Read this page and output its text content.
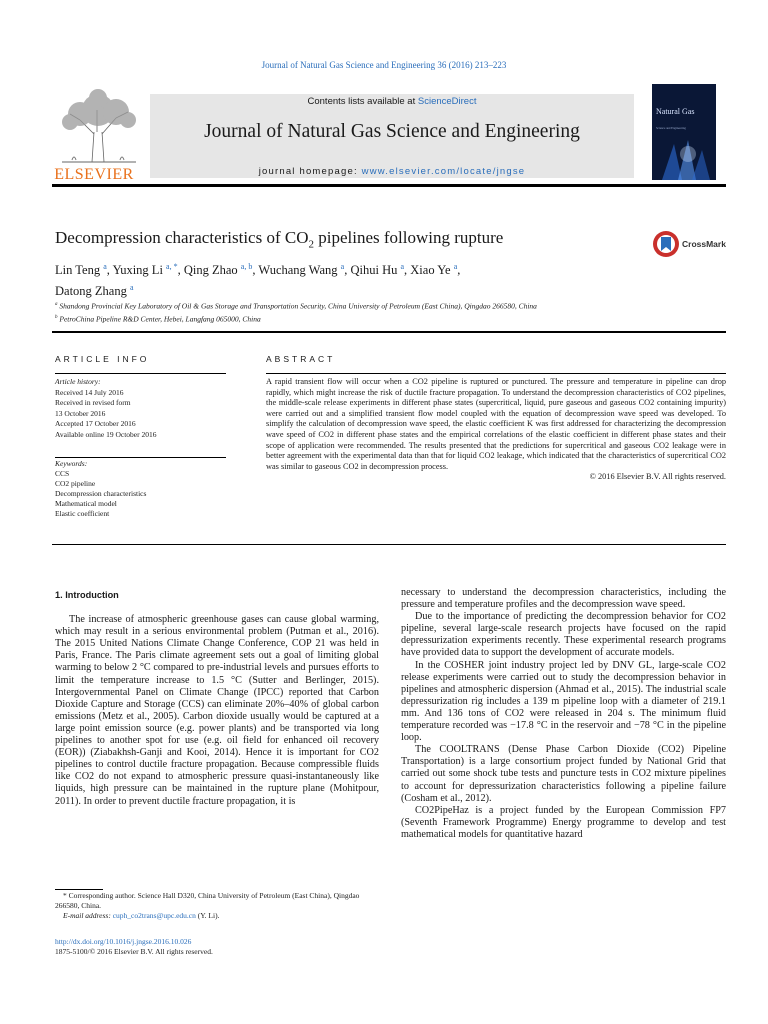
Journal of Natural Gas Science and Engineering 36 (2016) 213–223
ELSEVIER
Contents lists available at ScienceDirect
Journal of Natural Gas Science and Engineering
journal homepage: www.elsevier.com/locate/jngse
Natural Gas
Science and Engineering
Decompression characteristics of $CO_2$ pipelines following rupture	CrossMark
Lin Teng $^a$, Yuxing Li $^{a, *}$, Qing Zhao $^{a, b}$, Wuchang Wang $^a$, Qihui Hu $^a$, Xiao Ye $^a$,
Datong Zhang $^a$
$^a$ Shandong Provincial Key Laboratory of Oil & Gas Storage and Transportation Security, China University of Petroleum (East China), Qingdao 266580, China
$^b$ PetroChina Pipeline R&D Center, Hebei, Langfang 065000, China
ARTICLE INFO	ABSTRACT
Article history:
Received 14 July 2016
Received in revised form
13 October 2016
Accepted 17 October 2016
Available online 19 October 2016
Keywords:
CCS
CO2 pipeline
Decompression characteristics
Mathematical model
Elastic coefficient
A rapid transient flow will occur when a CO2 pipeline is ruptured or punctured. The pressure and temperature in pipeline can drop rapidly, which might increase the risk of ductile fracture propagation. To understand the decompression characteristics of CO2 pipelines, the middle-scale release experiments in different phase states (supercritical, liquid, pure gaseous and gaseous CO2 containing impurity) were carried out and a simplified transient flow model coupled with the equation of decompression wave speed was developed. To simplify the calculation of decompression wave speed, the elastic coefficient K was first addressed for characterizing the decompression wave speed of CO2 in different phase states and the empirical correlations of the elastic coefficient in different phase states and their scope of application were recommended. The results presented that the predictions for supercritical and gaseous CO2 leakage were in better agreement with the experimental data than that for liquid CO2 leakage, which indicated that the characteristics of supercritical CO2 was similar to gaseous CO2 in decompression process.
© 2016 Elsevier B.V. All rights reserved.
1. Introduction

The increase of atmospheric greenhouse gases can cause global warming, which may result in a serious environmental problem (Putman et al., 2016). The 2015 United Nations Climate Change Conference, COP 21 was held in Paris, France. The Paris climate agreement sets out a goal of limiting global warming to below 2 °C compared to pre-industrial levels and pursues efforts to limit the temperature increase to 1.5 °C (Sutter and Berlinger, 2015). Intergovernmental Panel on Climate Change (IPCC) reported that Carbon Dioxide Capture and Storage (CCS) can eliminate 20%–40% of global carbon emissions (Metz et al., 2005). Carbon dioxide usually would be captured at a large point emission source (e.g. power plants) and be transported via long pipelines to another spot for use (e.g. oil field for enhanced oil recovery (EOR)) (Ziabakhsh-Ganji and Kooi, 2014). Hence it is important for CO2 pipelines to control ductile fracture propagation. Because compressible fluids like CO2 do not expand to atmospheric pressure quasi-instantaneously like liquids, high pressure can be maintained in the rupture plane (Mohitpour, 2011). In order to prevent ductile fracture propagation, it is

necessary to understand the decompression characteristics, including the pressure and temperature profiles and the decompression wave speed.

Due to the importance of predicting the decompression behavior for CO2 pipeline, several large-scale research projects have focused on the rapid depressurization experiments recently. These experimental research programs have provided data to support the development of accurate models.

In the COSHER joint industry project led by DNV GL, large-scale CO2 release experiments were carried out to study the decompression behavior in pipelines and atmospheric dispersion (Ahmad et al., 2015). The industrial scale depressurization rig includes a 139 m pipeline loop with a diameter of 219.1 mm. And 136 tons of CO2 were released in 204 s. The minimum fluid temperature recorded was −17.8 °C in the reservoir and −78 °C in the pipeline loop.

The COOLTRANS (Dense Phase Carbon Dioxide (CO2) Pipeline Transportation) is a large consortium project funded by National Grid that carried out some shock tube tests and puncture tests in CO2 mixture pipelines to account for depressurization characteristics following a pipeline failure (Cosham et al., 2012).

CO2PipeHaz is a project funded by the European Commission FP7 (Seventh Framework Programme) Energy programme to develop and test mathematical models for quantitative hazard

* Corresponding author. Science Hall D320, China University of Petroleum (East China), Qingdao 266580, China.
E-mail address: cuph_co2trans@upc.edu.cn (Y. Li).
http://dx.doi.org/10.1016/j.jngse.2016.10.026
1875-5100/© 2016 Elsevier B.V. All rights reserved.
